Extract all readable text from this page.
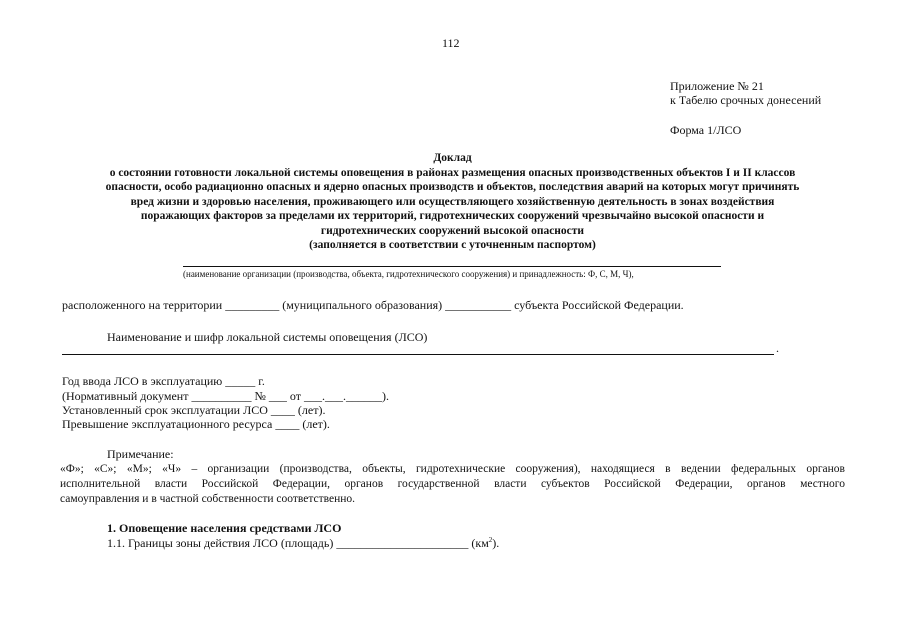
112
Приложение № 21
к Табелю срочных донесений
Форма 1/ЛСО
Доклад
о состоянии готовности локальной системы оповещения в районах размещения опасных производственных объектов I и II классов
опасности, особо радиационно опасных и ядерно опасных производств и объектов, последствия аварий на которых могут причинять
вред жизни и здоровью населения, проживающего или осуществляющего хозяйственную деятельность в зонах воздействия
поражающих факторов за пределами их территорий, гидротехнических сооружений чрезвычайно высокой опасности и
гидротехнических сооружений высокой опасности
(заполняется в соответствии с уточненным паспортом)
(наименование организации (производства, объекта, гидротехнического сооружения) и принадлежность: Ф, С, М, Ч),
расположенного на территории _________ (муниципального образования) ___________ субъекта Российской Федерации.
Наименование и шифр локальной системы оповещения (ЛСО)
.
Год ввода ЛСО в эксплуатацию _____ г.
(Нормативный документ __________ № ___ от ___.___.______).
Установленный срок эксплуатации ЛСО ____ (лет).
Превышение эксплуатационного ресурса ____ (лет).
Примечание:
«Ф»; «С»; «М»; «Ч» – организации (производства, объекты, гидротехнические сооружения), находящиеся в ведении федеральных органов
исполнительной власти Российской Федерации, органов государственной власти субъектов Российской Федерации, органов местного
самоуправления и в частной собственности соответственно.
1. Оповещение населения средствами ЛСО
1.1. Границы зоны действия ЛСО (площадь) ______________________ $(км^2)$.
